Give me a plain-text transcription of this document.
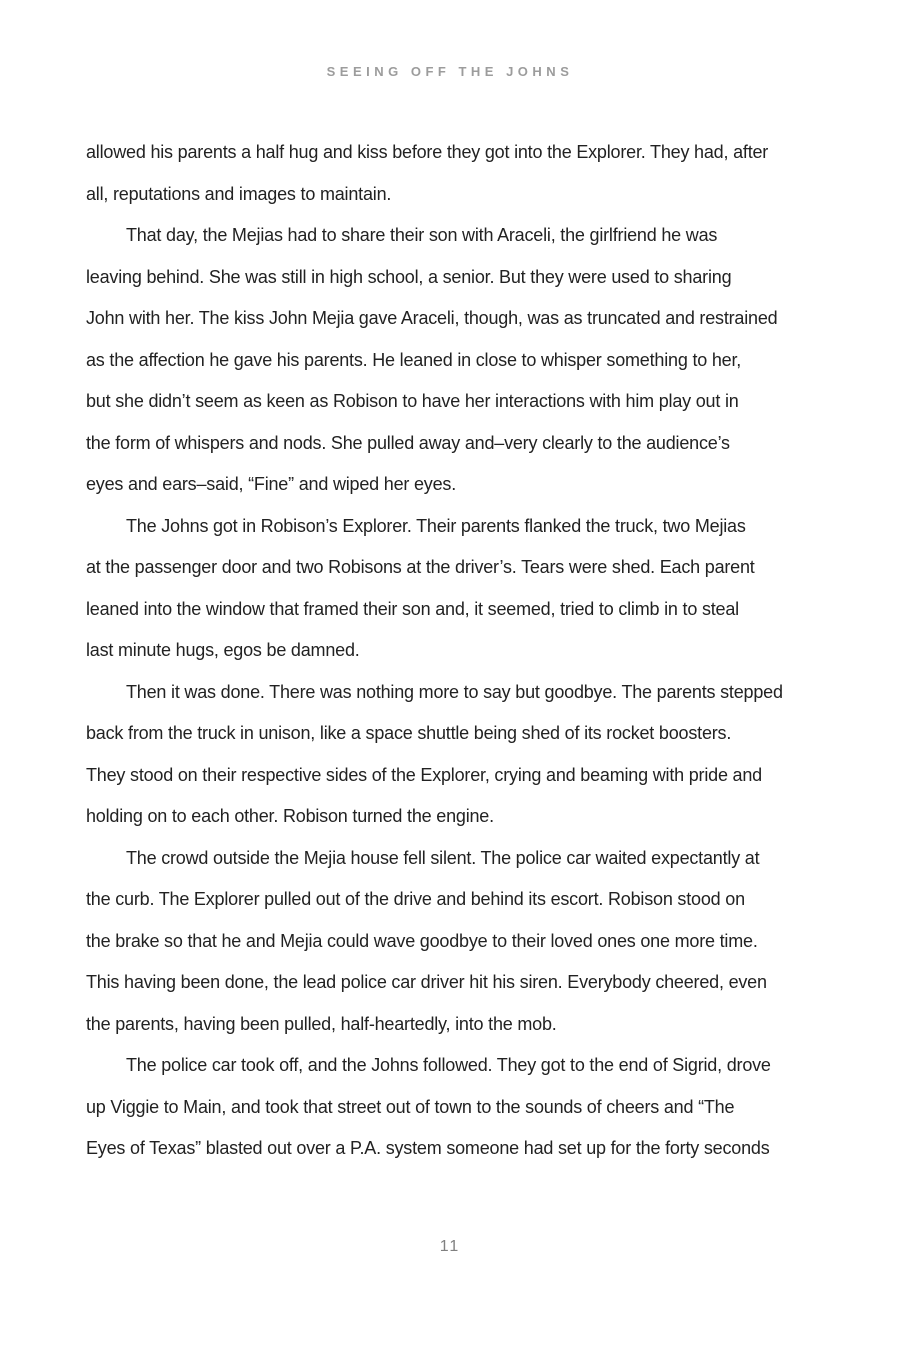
SEEING OFF THE JOHNS

allowed his parents a half hug and kiss before they got into the Explorer. They had, after
all, reputations and images to maintain.

That day, the Mejias had to share their son with Araceli, the girlfriend he was
leaving behind. She was still in high school, a senior. But they were used to sharing
John with her. The kiss John Mejia gave Araceli, though, was as truncated and restrained
as the affection he gave his parents. He leaned in close to whisper something to her,
but she didn’t seem as keen as Robison to have her interactions with him play out in
the form of whispers and nods. She pulled away and–very clearly to the audience’s
eyes and ears–said, “Fine” and wiped her eyes.

The Johns got in Robison’s Explorer. Their parents flanked the truck, two Mejias
at the passenger door and two Robisons at the driver’s. Tears were shed. Each parent
leaned into the window that framed their son and, it seemed, tried to climb in to steal
last minute hugs, egos be damned.

Then it was done. There was nothing more to say but goodbye. The parents stepped
back from the truck in unison, like a space shuttle being shed of its rocket boosters.
They stood on their respective sides of the Explorer, crying and beaming with pride and
holding on to each other. Robison turned the engine.

The crowd outside the Mejia house fell silent. The police car waited expectantly at
the curb. The Explorer pulled out of the drive and behind its escort. Robison stood on
the brake so that he and Mejia could wave goodbye to their loved ones one more time.
This having been done, the lead police car driver hit his siren. Everybody cheered, even
the parents, having been pulled, half-heartedly, into the mob.

The police car took off, and the Johns followed. They got to the end of Sigrid, drove
up Viggie to Main, and took that street out of town to the sounds of cheers and “The
Eyes of Texas” blasted out over a P.A. system someone had set up for the forty seconds

11
